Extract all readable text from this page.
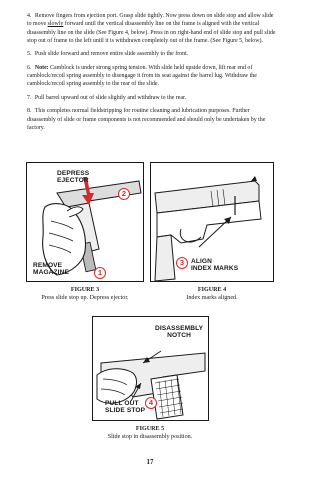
4. Remove fingers from ejection port. Grasp slide tightly. Now press down on slide stop and allow slide to move slowly forward until the vertical disassembly line on the frame is aligned with the vertical disassembly line on the slide (See Figure 4, below). Press in on right-hand end of slide stop and pull slide stop out of frame to the left until it is withdrawn completely out of the frame. (See Figure 5, below).

5. Push slide forward and remove entire slide assembly to the front.

6. Note: Camblock is under strong spring tension. With slide held upside down, lift rear end of camblock/recoil spring assembly to disengage it from its seat against the barrel lug. Withdraw the camblock/recoil spring assembly to the rear of the slide.

7. Pull barrel upward out of slide slightly and withdraw to the rear.

8. This completes normal fieldstripping for routine cleaning and lubrication purposes. Further disassembly of slide or frame components is not recommended and should only be undertaken by the factory.

DEPRESS
EJECTOR
2
REMOVE
MAGAZINE	1
3	ALIGN
INDEX MARKS
DISASSEMBLY
NOTCH
PULL OUT
SLIDE STOP
4
FIGURE 3
Press slide stop up. Depress ejector.
FIGURE 4
Index marks aligned.
FIGURE 5
Slide stop in disassembly position.
17
